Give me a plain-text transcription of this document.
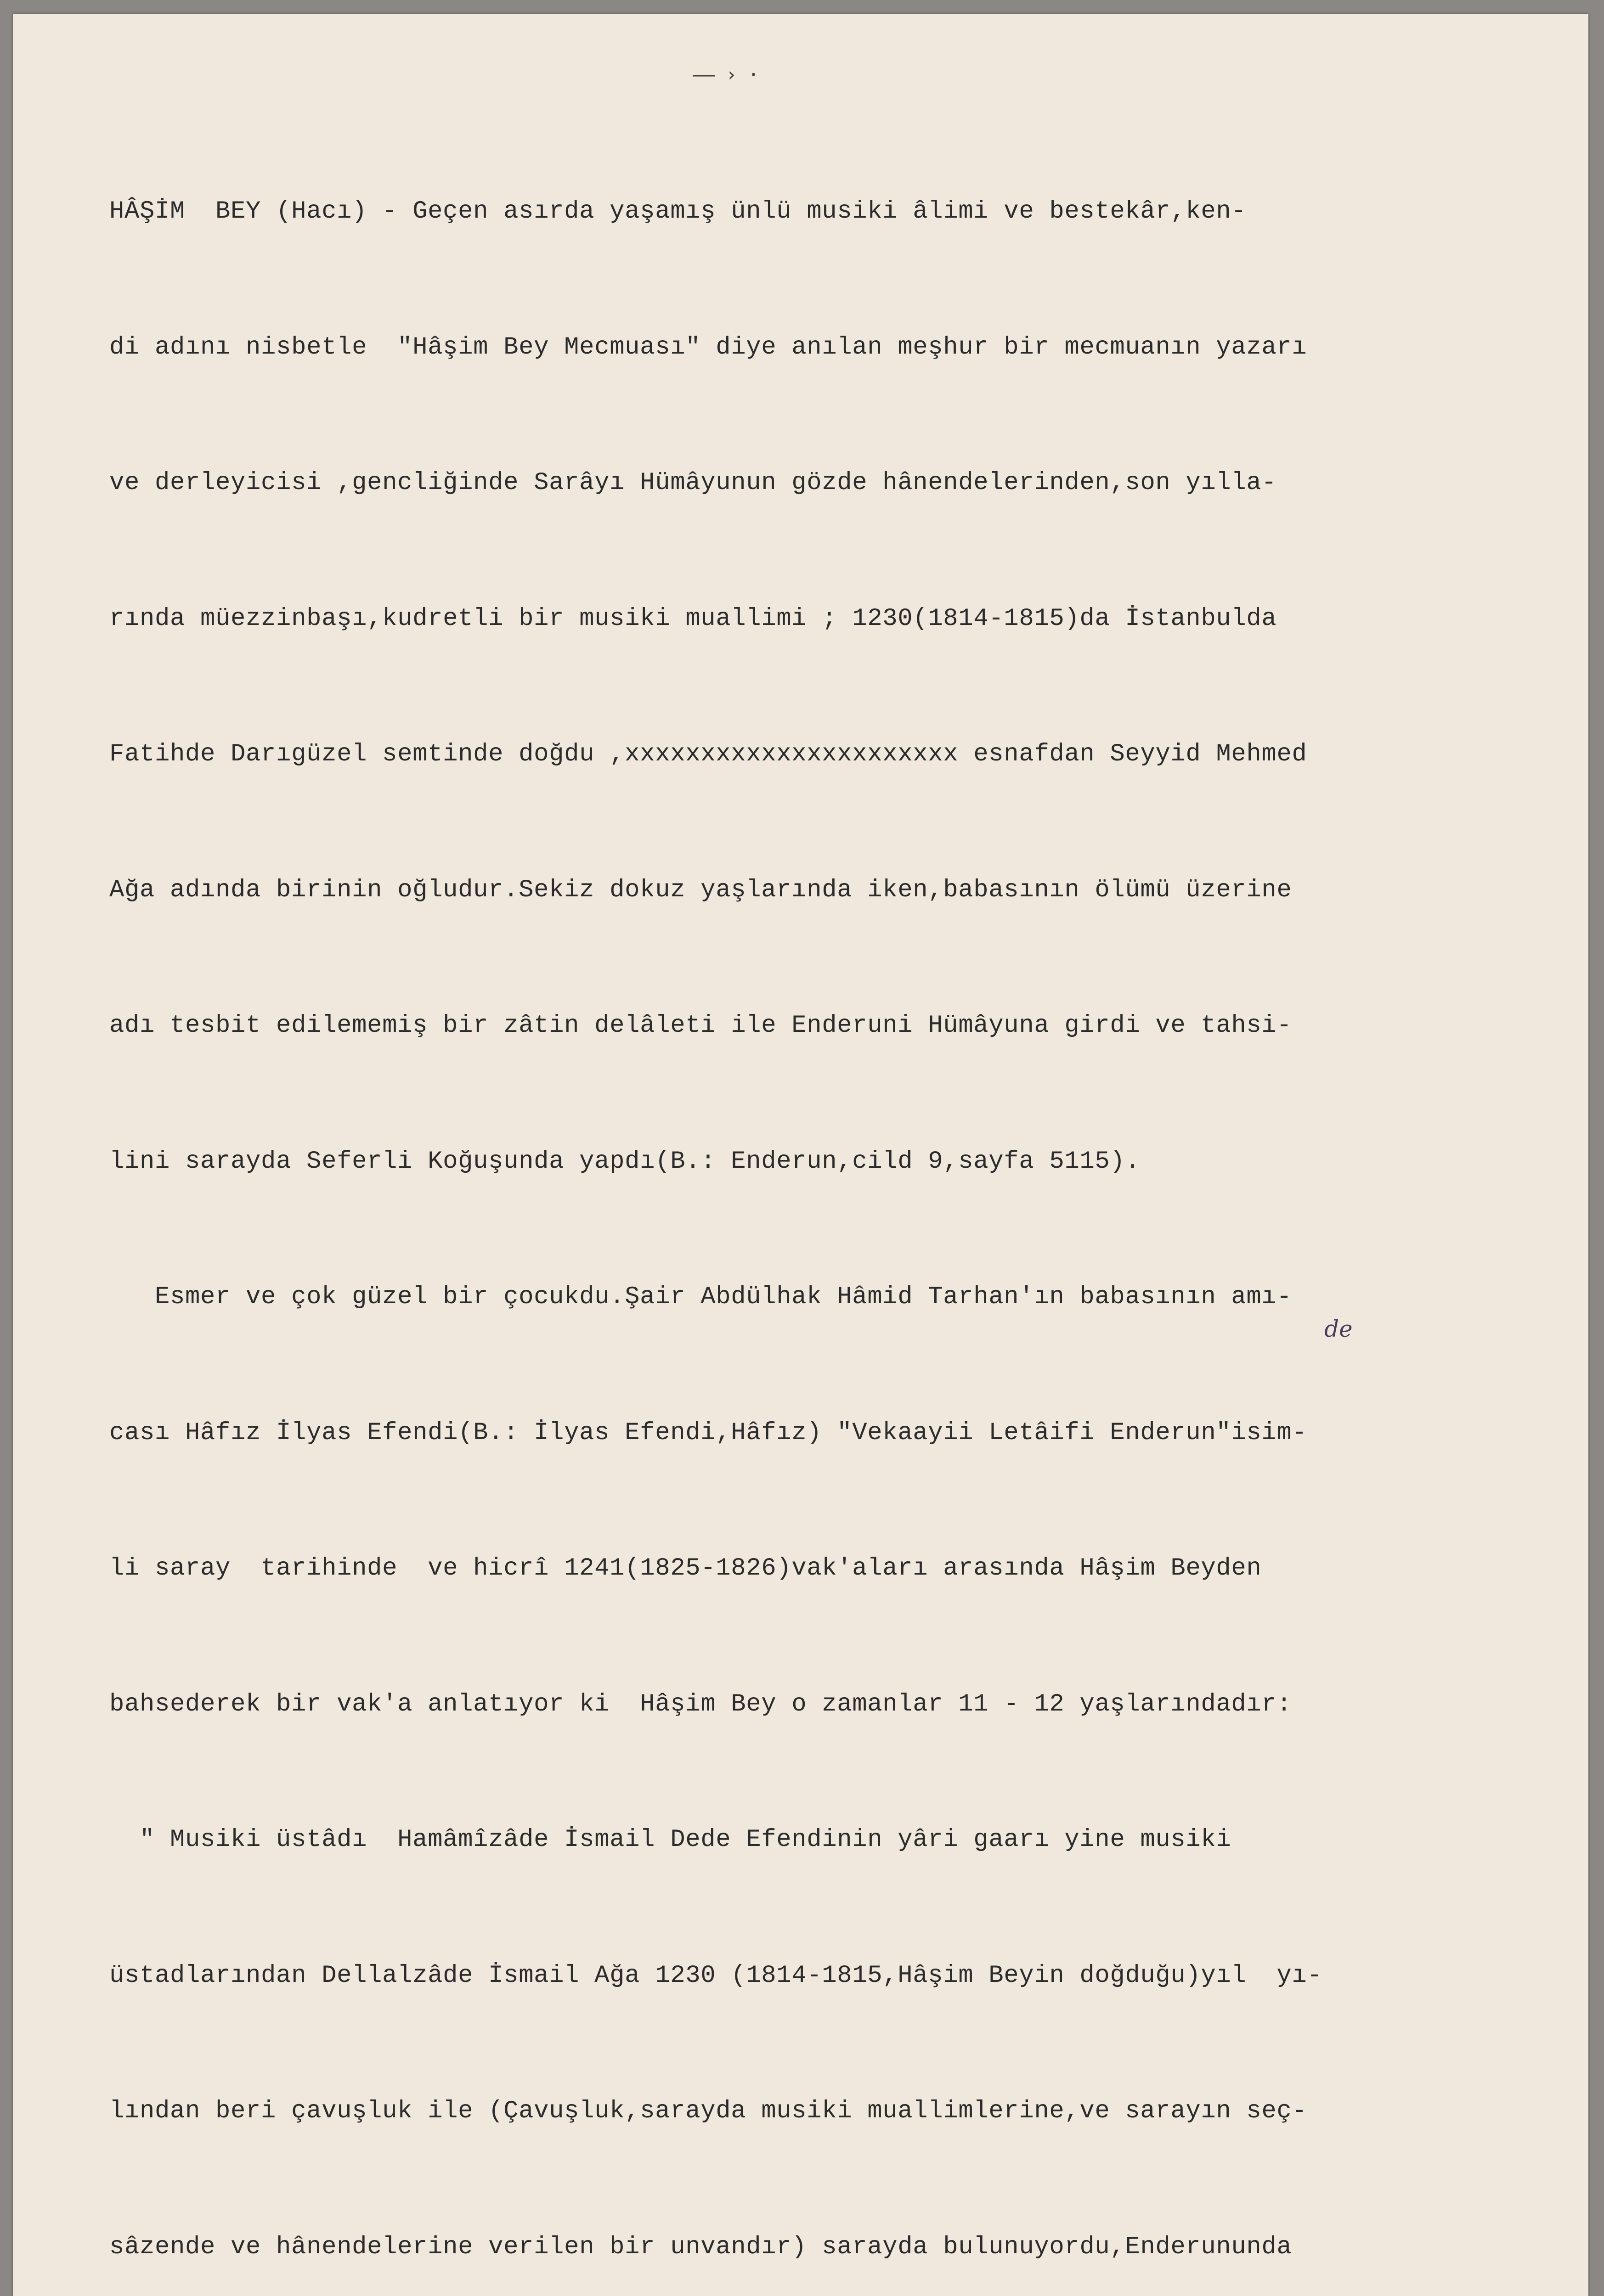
—— › ·
de

HÂŞİM  BEY (Hacı) - Geçen asırda yaşamış ünlü musiki âlimi ve bestekâr,ken-

di adını nisbetle  "Hâşim Bey Mecmuası" diye anılan meşhur bir mecmuanın yazarı

ve derleyicisi ,gencliğinde Sarâyı Hümâyunun gözde hânendelerinden,son yılla-

rında müezzinbaşı,kudretli bir musiki muallimi ; 1230(1814-1815)da İstanbulda

Fatihde Darıgüzel semtinde doğdu ,xxxxxxxxxxxxxxxxxxxxxx esnafdan Seyyid Mehmed

Ağa adında birinin oğludur.Sekiz dokuz yaşlarında iken,babasının ölümü üzerine

adı tesbit edilememiş bir zâtin delâleti ile Enderuni Hümâyuna girdi ve tahsi-

lini sarayda Seferli Koğuşunda yapdı(B.: Enderun,cild 9,sayfa 5115).

Esmer ve çok güzel bir çocukdu.Şair Abdülhak Hâmid Tarhan'ın babasının amı-

cası Hâfız İlyas Efendi(B.: İlyas Efendi,Hâfız) "Vekaayii Letâifi Enderun"isim-

li saray  tarihinde  ve hicrî 1241(1825-1826)vak'aları arasında Hâşim Beyden

bahsederek bir vak'a anlatıyor ki  Hâşim Bey o zamanlar 11 - 12 yaşlarındadır:

" Musiki üstâdı  Hamâmîzâde İsmail Dede Efendinin yâri gaarı yine musiki

üstadlarından Dellalzâde İsmail Ağa 1230 (1814-1815,Hâşim Beyin doğduğu)yıl  yı-

lından beri çavuşluk ile (Çavuşluk,sarayda musiki muallimlerine,ve sarayın seç-

sâzende ve hânendelerine verilen bir unvandır) sarayda bulunuyordu,Enderununda
